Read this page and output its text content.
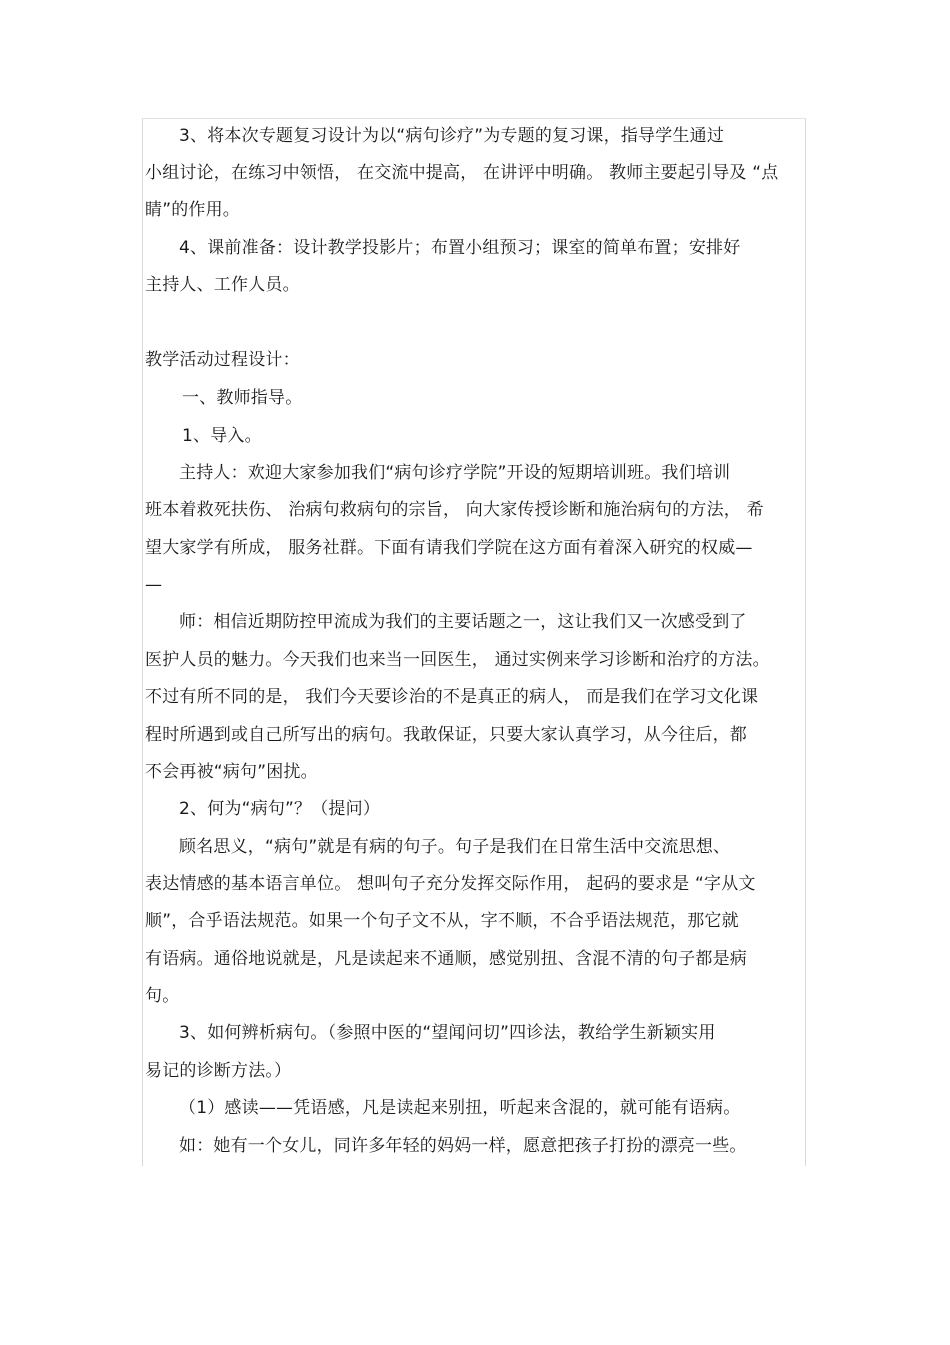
3、将本次专题复习设计为以“病句诊疗”为专题的复习课，指导学生通过
小组讨论，在练习中领悟， 在交流中提高， 在讲评中明确。 教师主要起引导及 “点
睛”的作用。
4、课前准备：设计教学投影片；布置小组预习；课室的简单布置；安排好
主持人、工作人员。
教学活动过程设计：
一、教师指导。
1、导入。
主持人：欢迎大家参加我们“病句诊疗学院”开设的短期培训班。我们培训
班本着救死扶伤、 治病句救病句的宗旨， 向大家传授诊断和施治病句的方法， 希
望大家学有所成， 服务社群。下面有请我们学院在这方面有着深入研究的权威—
—
师：相信近期防控甲流成为我们的主要话题之一，这让我们又一次感受到了
医护人员的魅力。今天我们也来当一回医生， 通过实例来学习诊断和治疗的方法。
不过有所不同的是， 我们今天要诊治的不是真正的病人， 而是我们在学习文化课
程时所遇到或自己所写出的病句。我敢保证，只要大家认真学习，从今往后，都
不会再被“病句”困扰。
2、何为“病句”？（提问）
顾名思义，“病句”就是有病的句子。句子是我们在日常生活中交流思想、
表达情感的基本语言单位。 想叫句子充分发挥交际作用， 起码的要求是 “字从文
顺”，合乎语法规范。如果一个句子文不从，字不顺，不合乎语法规范，那它就
有语病。通俗地说就是，凡是读起来不通顺，感觉别扭、含混不清的句子都是病
句。
3、如何辨析病句。（参照中医的“望闻问切”四诊法，教给学生新颖实用
易记的诊断方法。）
（1）感读——凭语感，凡是读起来别扭，听起来含混的，就可能有语病。
如：她有一个女儿，同许多年轻的妈妈一样，愿意把孩子打扮的漂亮一些。
